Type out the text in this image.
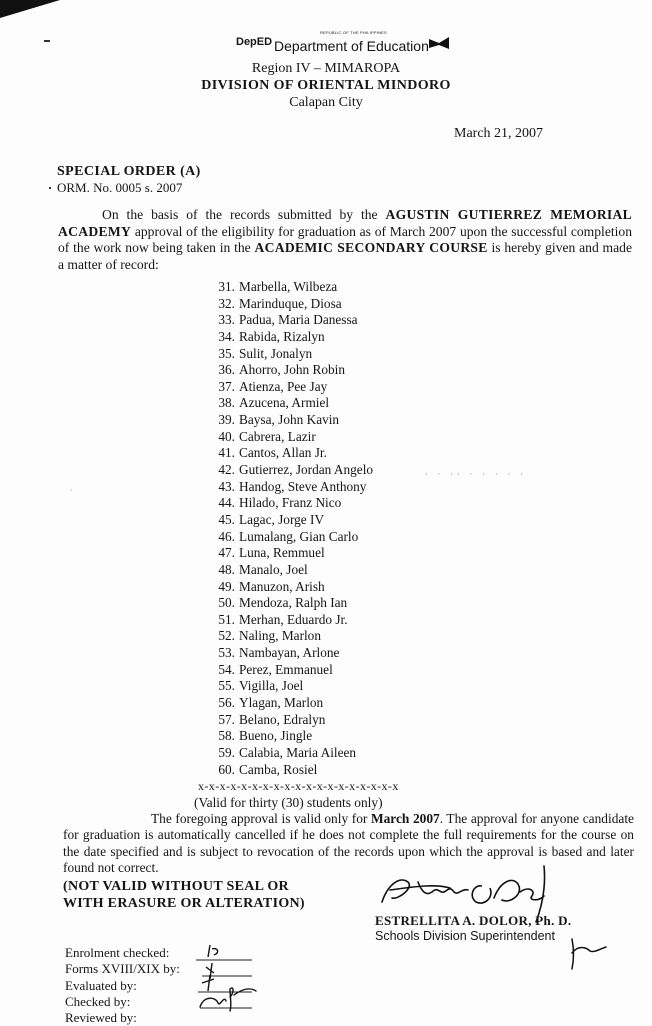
DepED
REPUBLIC OF THE PHILIPPINES
Department of Education
Region IV – MIMAROPA
DIVISION OF ORIENTAL MINDORO
Calapan City
March 21, 2007
SPECIAL ORDER (A)
ORM. No. 0005 s. 2007
On the basis of the records submitted by the AGUSTIN GUTIERREZ MEMORIAL ACADEMY approval of the eligibility for graduation as of March 2007 upon the successful completion of the work now being taken in the ACADEMIC SECONDARY COURSE is hereby given and made a matter of record:
31. Marbella, Wilbeza
32. Marinduque, Diosa
33. Padua, Maria Danessa
34. Rabida, Rizalyn
35. Sulit, Jonalyn
36. Ahorro, John Robin
37. Atienza, Pee Jay
38. Azucena, Armiel
39. Baysa, John Kavin
40. Cabrera, Lazir
41. Cantos, Allan Jr.
42. Gutierrez, Jordan Angelo
43. Handog, Steve Anthony
44. Hilado, Franz Nico
45. Lagac, Jorge IV
46. Lumalang, Gian Carlo
47. Luna, Remmuel
48. Manalo, Joel
49. Manuzon, Arish
50. Mendoza, Ralph Ian
51. Merhan, Eduardo Jr.
52. Naling, Marlon
53. Nambayan, Arlone
54. Perez, Emmanuel
55. Vigilla, Joel
56. Ylagan, Marlon
57. Belano, Edralyn
58. Bueno, Jingle
59. Calabia, Maria Aileen
60. Camba, Rosiel
· · ·· · · · · ·
·
x-x-x-x-x-x-x-x-x-x-x-x-x-x-x-x-x-x-x
(Valid for thirty (30) students only)
The foregoing approval is valid only for March 2007. The approval for anyone candidate for graduation is automatically cancelled if he does not complete the full requirements for the course on the date specified and is subject to revocation of the records upon which the approval is based and later found not correct.
(NOT VALID WITHOUT SEAL OR
WITH ERASURE OR ALTERATION)
ESTRELLITA A. DOLOR, Ph. D.
Schools Division Superintendent
Enrolment checked:
Forms XVIII/XIX by:
Evaluated by:
Checked by:
Reviewed by:
